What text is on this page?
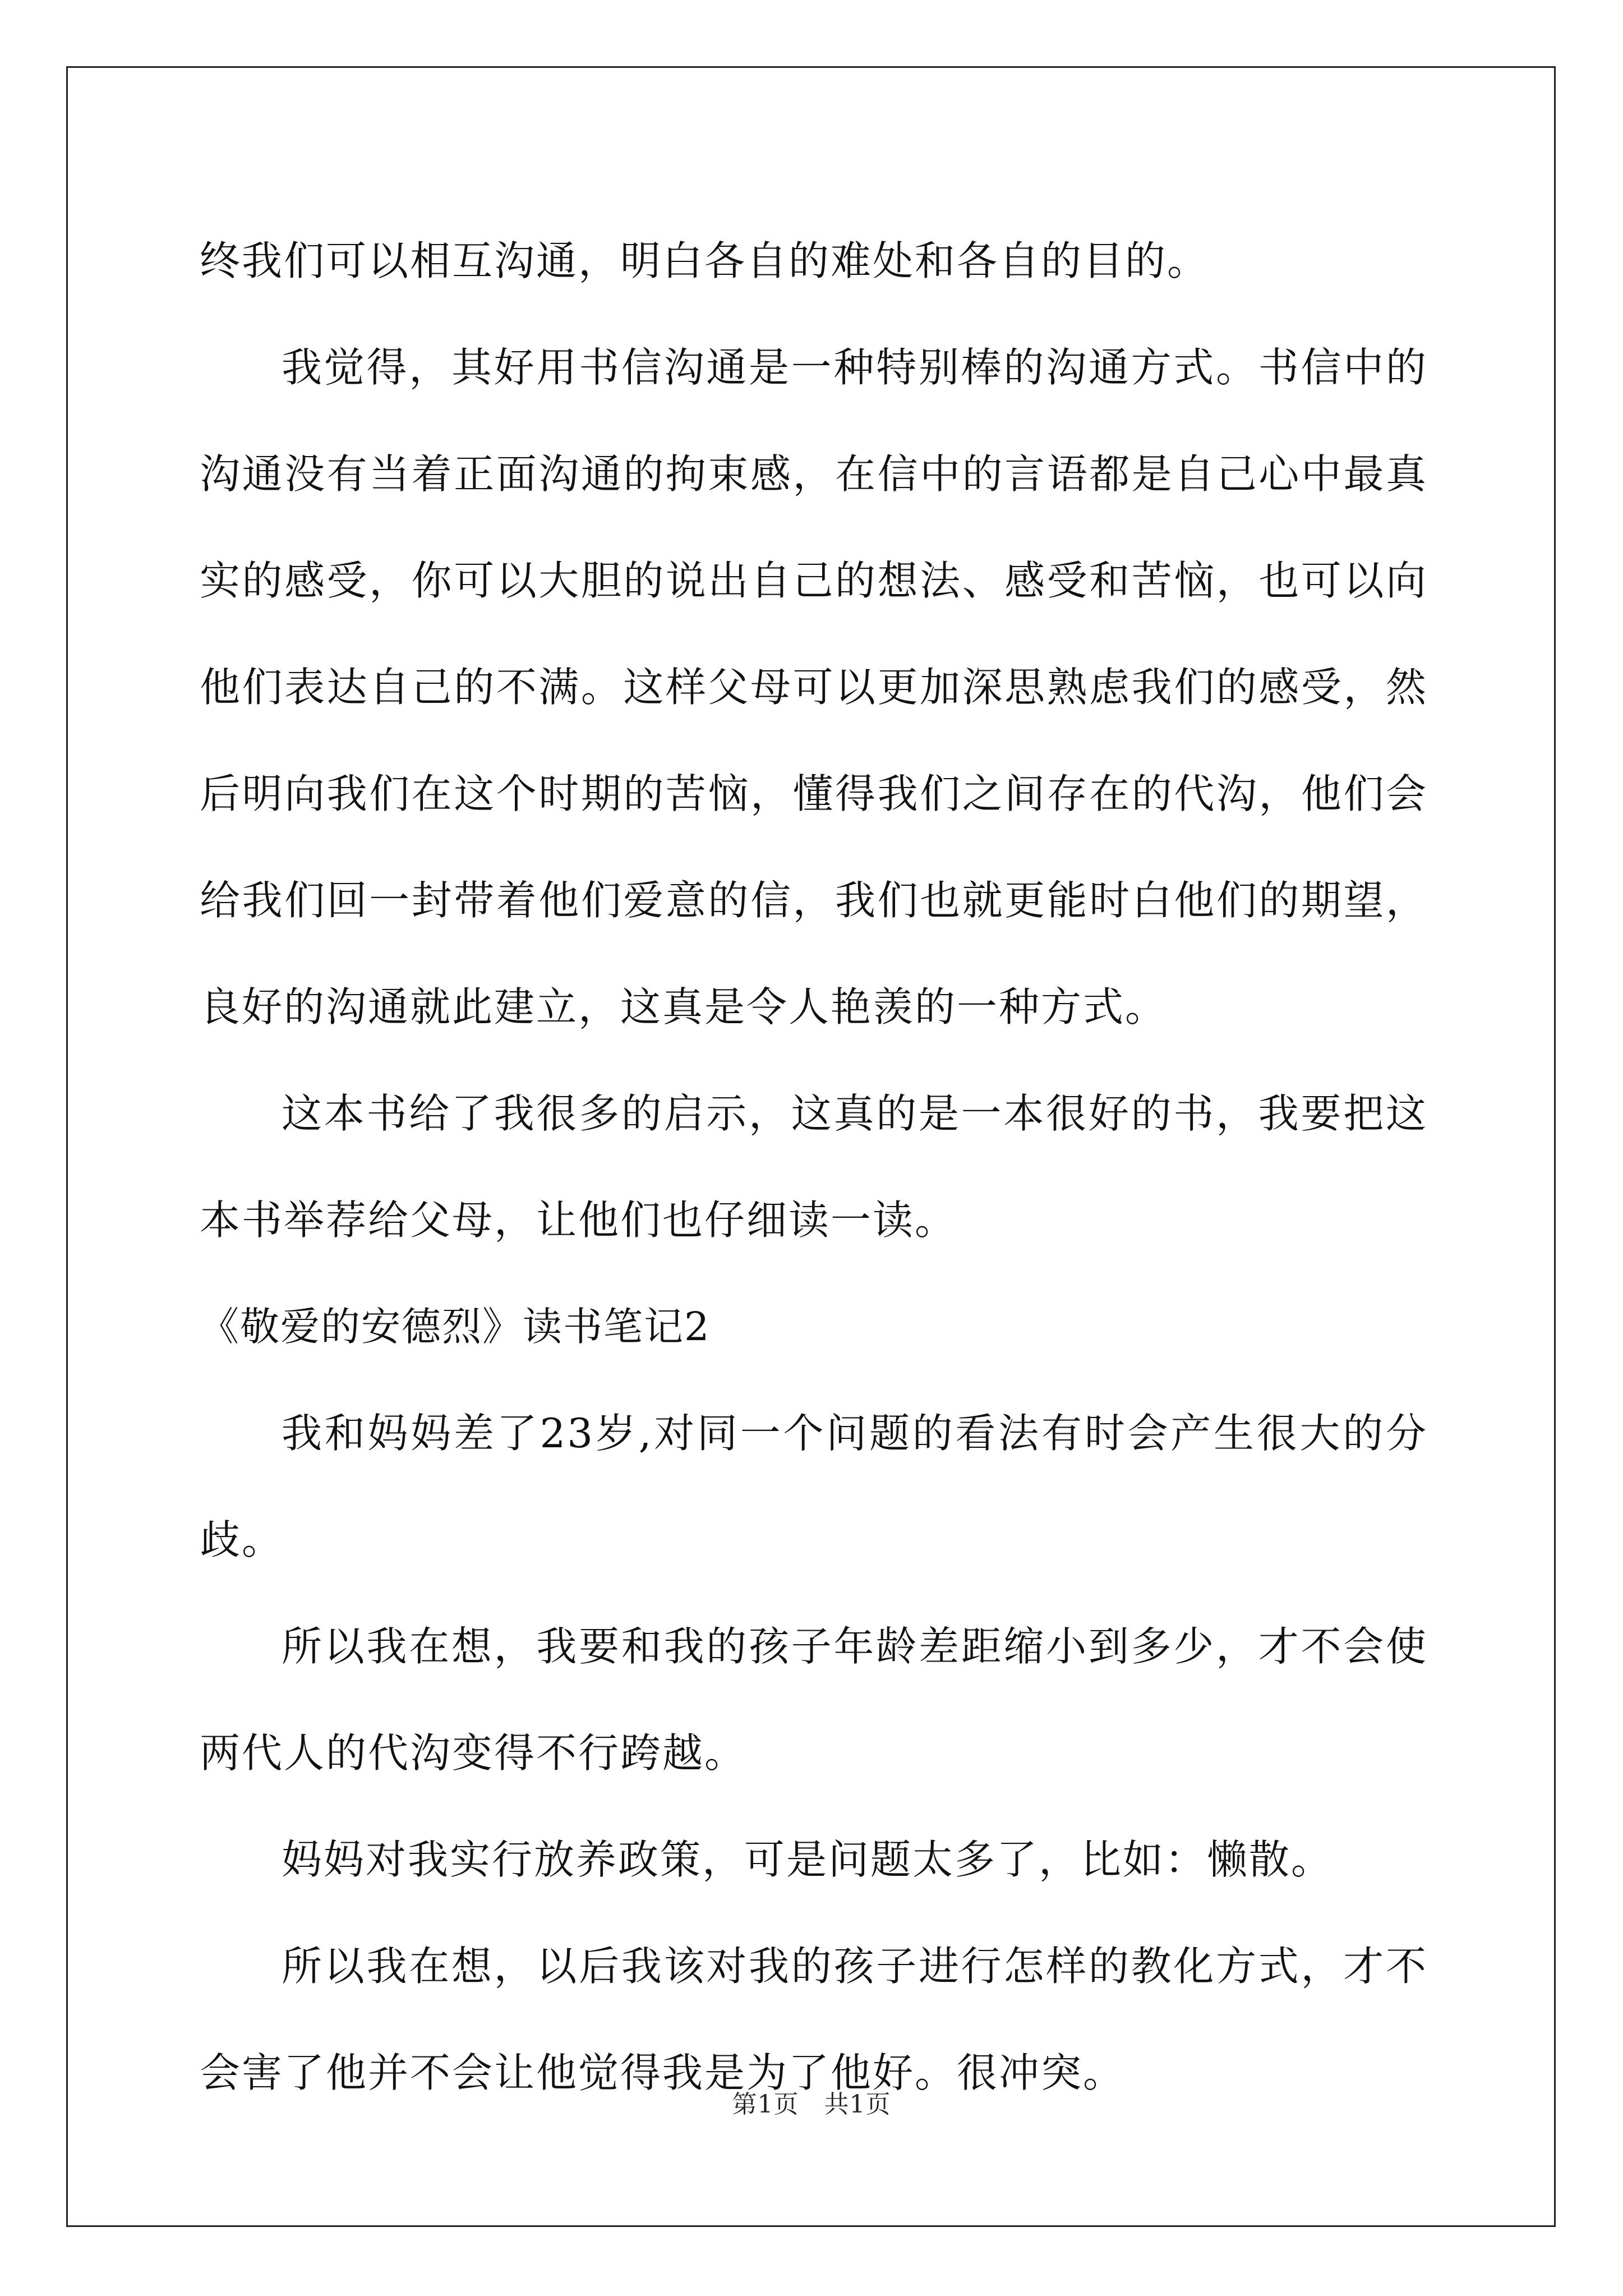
终我们可以相互沟通，明白各自的难处和各自的目的。

我觉得，其好用书信沟通是一种特别棒的沟通方式。书信中的沟通没有当着正面沟通的拘束感，在信中的言语都是自己心中最真实的感受，你可以大胆的说出自己的想法、感受和苦恼，也可以向他们表达自己的不满。这样父母可以更加深思熟虑我们的感受，然后明向我们在这个时期的苦恼，懂得我们之间存在的代沟，他们会给我们回一封带着他们爱意的信，我们也就更能时白他们的期望，良好的沟通就此建立，这真是令人艳羡的一种方式。

这本书给了我很多的启示，这真的是一本很好的书，我要把这本书举荐给父母，让他们也仔细读一读。

《敬爱的安德烈》读书笔记2

我和妈妈差了23岁,对同一个问题的看法有时会产生很大的分歧。

所以我在想，我要和我的孩子年龄差距缩小到多少，才不会使两代人的代沟变得不行跨越。

妈妈对我实行放养政策，可是问题太多了，比如：懒散。

所以我在想，以后我该对我的孩子进行怎样的教化方式，才不会害了他并不会让他觉得我是为了他好。很冲突。

第1页　共1页
